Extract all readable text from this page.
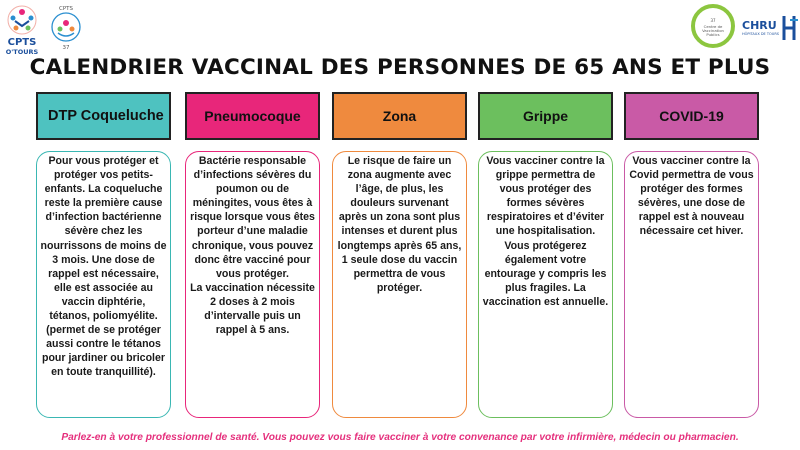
CPTS
O'TOURS
CPTS
37
37
Centre de
Vaccination
Publics
CHRU
HÔPITAUX DE TOURS
CALENDRIER VACCINAL DES PERSONNES DE 65 ANS ET PLUS
DTP Coqueluche

Pour vous protéger et protéger vos petits-enfants. La coqueluche reste la première cause d’infection bactérienne sévère chez les nourrissons de moins de 3 mois. Une dose de rappel est nécessaire, elle est associée au vaccin diphtérie, tétanos, poliomyélite. (permet de se protéger aussi contre le tétanos pour jardiner ou bricoler en toute tranquillité).

Pneumocoque

Bactérie responsable d’infections sévères du poumon ou de méningites, vous êtes à risque lorsque vous êtes porteur d’une maladie chronique, vous pouvez donc être vacciné pour vous protéger.

La vaccination nécessite 2 doses à 2 mois d’intervalle puis un rappel à 5 ans.

Zona

Le risque de faire un zona augmente avec l’âge, de plus, les douleurs survenant après un zona sont plus intenses et durent plus longtemps après 65 ans, 1 seule dose du vaccin permettra de vous protéger.

Grippe

Vous vacciner contre la grippe permettra de vous protéger des formes sévères respiratoires et d’éviter une hospitalisation.

Vous protégerez également votre entourage y compris les plus fragiles. La vaccination est annuelle.

COVID-19

Vous vacciner contre la Covid permettra de vous protéger des formes sévères, une dose de rappel est à nouveau nécessaire cet hiver.

Parlez-en à votre professionnel de santé. Vous pouvez vous faire vacciner à votre convenance par votre infirmière, médecin ou pharmacien.
